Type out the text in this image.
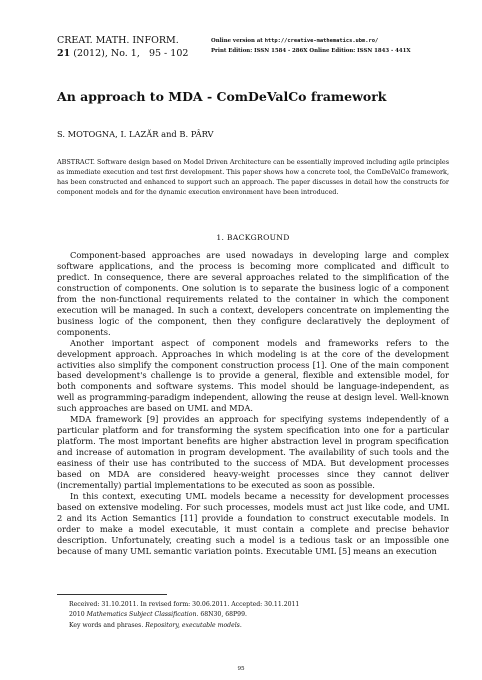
CREAT. MATH. INFORM.
21 (2012), No. 1, 95 - 102
Online version at http://creative-mathematics.ubm.ro/
Print Edition: ISSN 1584 - 286X Online Edition: ISSN 1843 - 441X
An approach to MDA - ComDeValCo framework
S. MOTOGNA, I. LAZĂR and B. PÂRV
ABSTRACT. Software design based on Model Driven Architecture can be essentially improved including agile principles as immediate execution and test first development. This paper shows how a concrete tool, the ComDeValCo framework, has been constructed and enhanced to support such an approach. The paper discusses in detail how the constructs for component models and for the dynamic execution environment have been introduced.
1. BACKGROUND

Component-based approaches are used nowadays in developing large and complex software applications, and the process is becoming more complicated and difficult to predict. In consequence, there are several approaches related to the simplification of the construction of components. One solution is to separate the business logic of a component from the non-functional requirements related to the container in which the component execution will be managed. In such a context, developers concentrate on implementing the business logic of the component, then they configure declaratively the deployment of components.

Another important aspect of component models and frameworks refers to the development approach. Approaches in which modeling is at the core of the development activities also simplify the component construction process [1]. One of the main component based development's challenge is to provide a general, flexible and extensible model, for both components and software systems. This model should be language-independent, as well as programming-paradigm independent, allowing the reuse at design level. Well-known such approaches are based on UML and MDA.

MDA framework [9] provides an approach for specifying systems independently of a particular platform and for transforming the system specification into one for a particular platform. The most important benefits are higher abstraction level in program specification and increase of automation in program development. The availability of such tools and the easiness of their use has contributed to the success of MDA. But development processes based on MDA are considered heavy-weight processes since they cannot deliver (incrementally) partial implementations to be executed as soon as possible.

In this context, executing UML models became a necessity for development processes based on extensive modeling. For such processes, models must act just like code, and UML 2 and its Action Semantics [11] provide a foundation to construct executable models. In order to make a model executable, it must contain a complete and precise behavior description. Unfortunately, creating such a model is a tedious task or an impossible one because of many UML semantic variation points. Executable UML [5] means an execution

Received: 31.10.2011. In revised form: 30.06.2011. Accepted: 30.11.2011
2010 Mathematics Subject Classification. 68N30, 68P99.
Key words and phrases. Repository, executable models.
95
